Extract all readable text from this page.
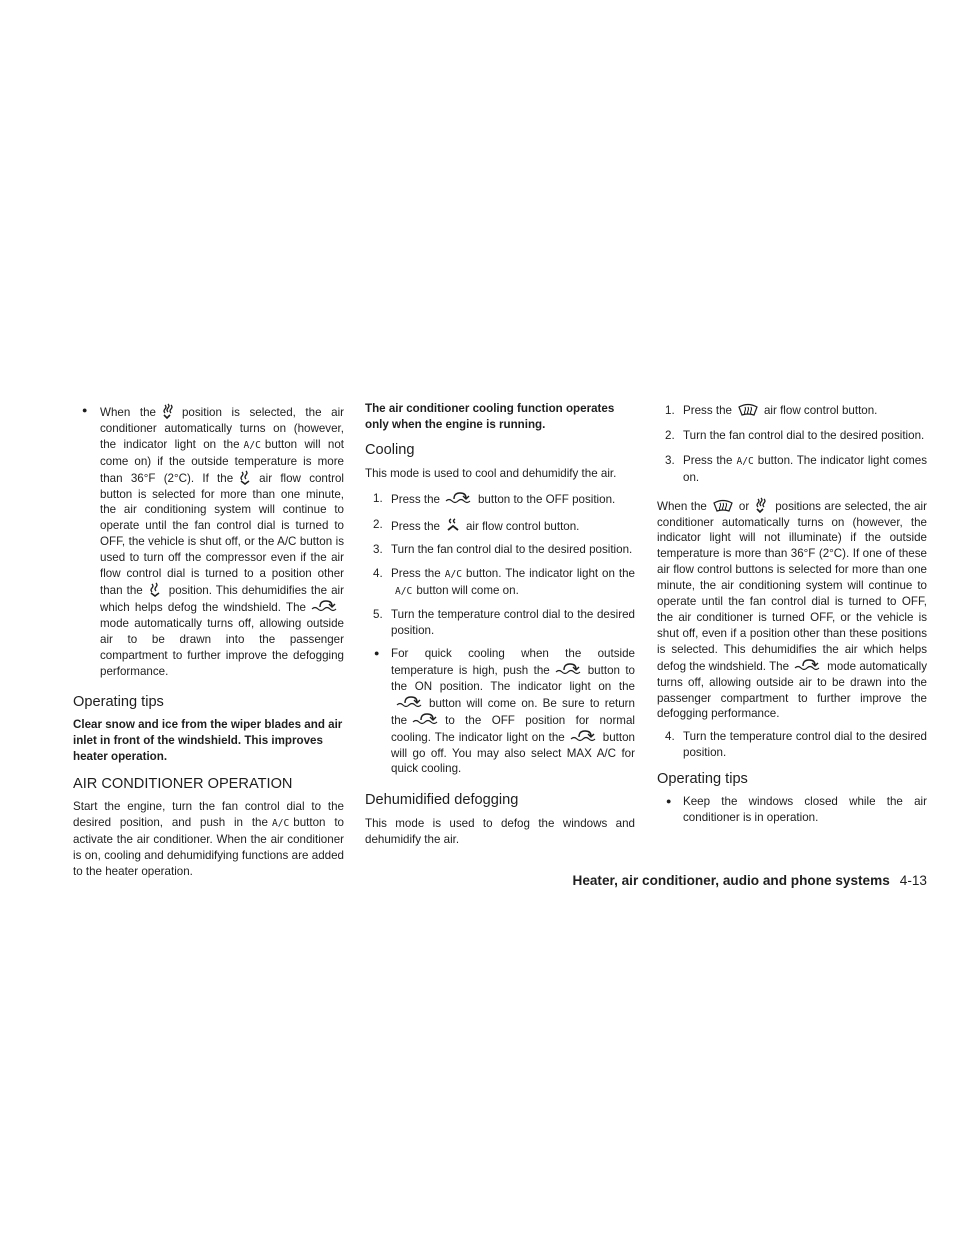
● When the position is selected, the air conditioner automatically turns on (however, the indicator light on the A/C button will not come on) if the outside temperature is more than 36°F (2°C). If the air flow control button is selected for more than one minute, the air conditioning system will continue to operate until the fan control dial is turned to OFF, the vehicle is shut off, or the A/C button is used to turn off the compressor even if the air flow control dial is turned to a position other than the position. This dehumidifies the air which helps defog the windshield. Themode automatically turns off, allowing outside air to be drawn into the passenger compartment to further improve the defogging performance.
Operating tips

Clear snow and ice from the wiper blades and air inlet in front of the windshield. This improves heater operation.

AIR CONDITIONER OPERATION

Start the engine, turn the fan control dial to the desired position, and push in the A/C button to activate the air conditioner. When the air conditioner is on, cooling and dehumidifying functions are added to the heater operation.

The air conditioner cooling function operates only when the engine is running.

Cooling

This mode is used to cool and dehumidify the air.

1. Press the	button to the OFF position.
2. Press the air flow control button.
3. Turn the fan control dial to the desired position.
4. Press the A/C button. The indicator light on theA/C button will come on.
5. Turn the temperature control dial to the desired position.
● For quick cooling when the outside temperature is high, push the	button to the ON position. The indicator light on thebutton will come on. Be sure to return the	to the OFF position for normal cooling. The indicator light on the	button will go off. You may also select MAX A/C for quick cooling.
Dehumidified defogging

This mode is used to defog the windows and dehumidify the air.

1. Press the	air flow control button.
2. Turn the fan control dial to the desired position.
3. Press the A/C button. The indicator light comes on.

When the	or positions are selected, the air conditioner automatically turns on (however, the indicator light will not illuminate) if the outside temperature is more than 36°F (2°C). If one of these air flow control buttons is selected for more than one minute, the air conditioning system will continue to operate until the fan control dial is turned to OFF, the air conditioner is turned OFF, or the vehicle is shut off, even if a position other than these positions is selected. This dehumidifies the air which helps defog the windshield. The	mode automatically turns off, allowing outside air to be drawn into the passenger compartment to further improve the defogging performance.

4. Turn the temperature control dial to the desired position.
Operating tips
● Keep the windows closed while the air conditioner is in operation.
Heater, air conditioner, audio and phone systems 4-13
